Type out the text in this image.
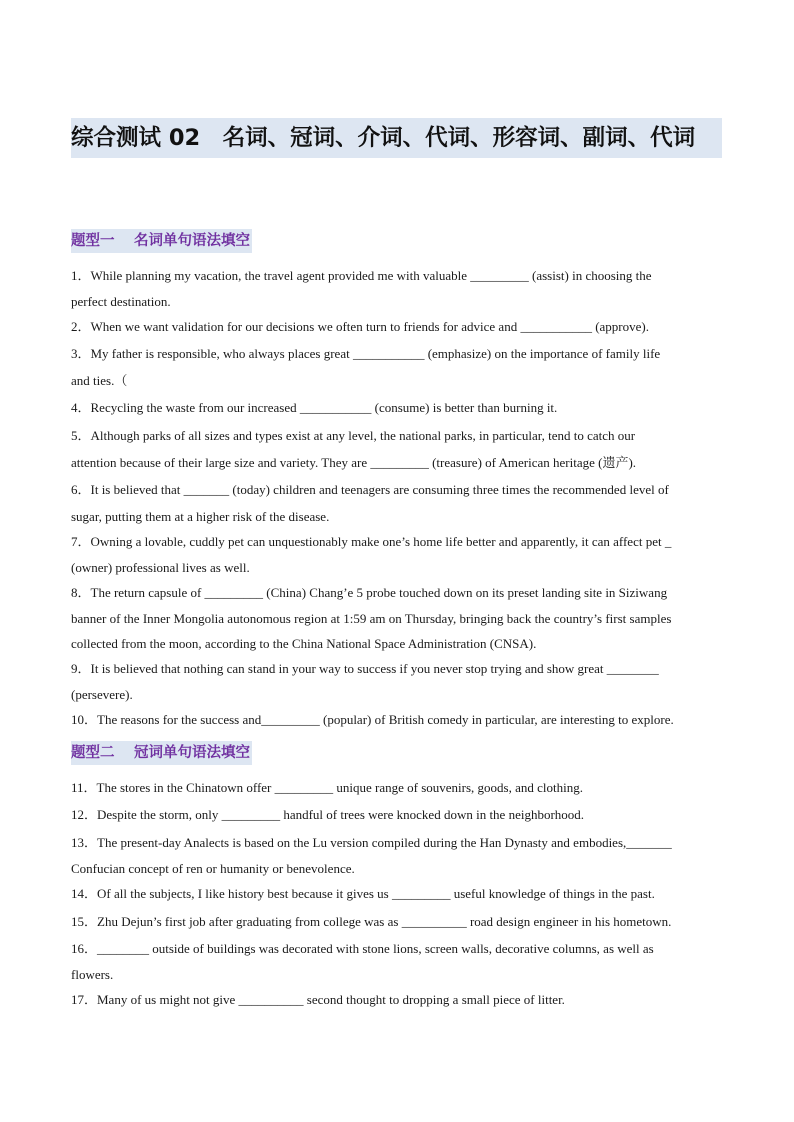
综合测试 02　名词、冠词、介词、代词、形容词、副词、代词
题型一　 名词单句语法填空
1．While planning my vacation, the travel agent provided me with valuable _________ (assist) in choosing the
perfect destination.
2．When we want validation for our decisions we often turn to friends for advice and ___________ (approve).
3．My father is responsible, who always places great ___________ (emphasize) on the importance of family life
and ties.（
4．Recycling the waste from our increased ___________ (consume) is better than burning it.
5．Although parks of all sizes and types exist at any level, the national parks, in particular, tend to catch our
attention because of their large size and variety. They are _________ (treasure) of American heritage (遗产).
6．It is believed that _______ (today) children and teenagers are consuming three times the recommended level of
sugar, putting them at a higher risk of the disease.
7．Owning a lovable, cuddly pet can unquestionably make one’s home life better and apparently, it can affect pet _
(owner) professional lives as well.
8．The return capsule of _________ (China) Chang’e 5 probe touched down on its preset landing site in Siziwang
banner of the Inner Mongolia autonomous region at 1:59 am on Thursday, bringing back the country’s first samples
collected from the moon, according to the China National Space Administration (CNSA).
9．It is believed that nothing can stand in your way to success if you never stop trying and show great ________
(persevere).
10．The reasons for the success and_________ (popular) of British comedy in particular, are interesting to explore.
题型二　 冠词单句语法填空
11．The stores in the Chinatown offer _________ unique range of souvenirs, goods, and clothing.
12．Despite the storm, only _________ handful of trees were knocked down in the neighborhood.
13．The present-day Analects is based on the Lu version compiled during the Han Dynasty and embodies,_______
Confucian concept of ren or humanity or benevolence.
14．Of all the subjects, I like history best because it gives us _________ useful knowledge of things in the past.
15．Zhu Dejun’s first job after graduating from college was as __________ road design engineer in his hometown.
16．________ outside of buildings was decorated with stone lions, screen walls, decorative columns, as well as
flowers.
17．Many of us might not give __________ second thought to dropping a small piece of litter.
